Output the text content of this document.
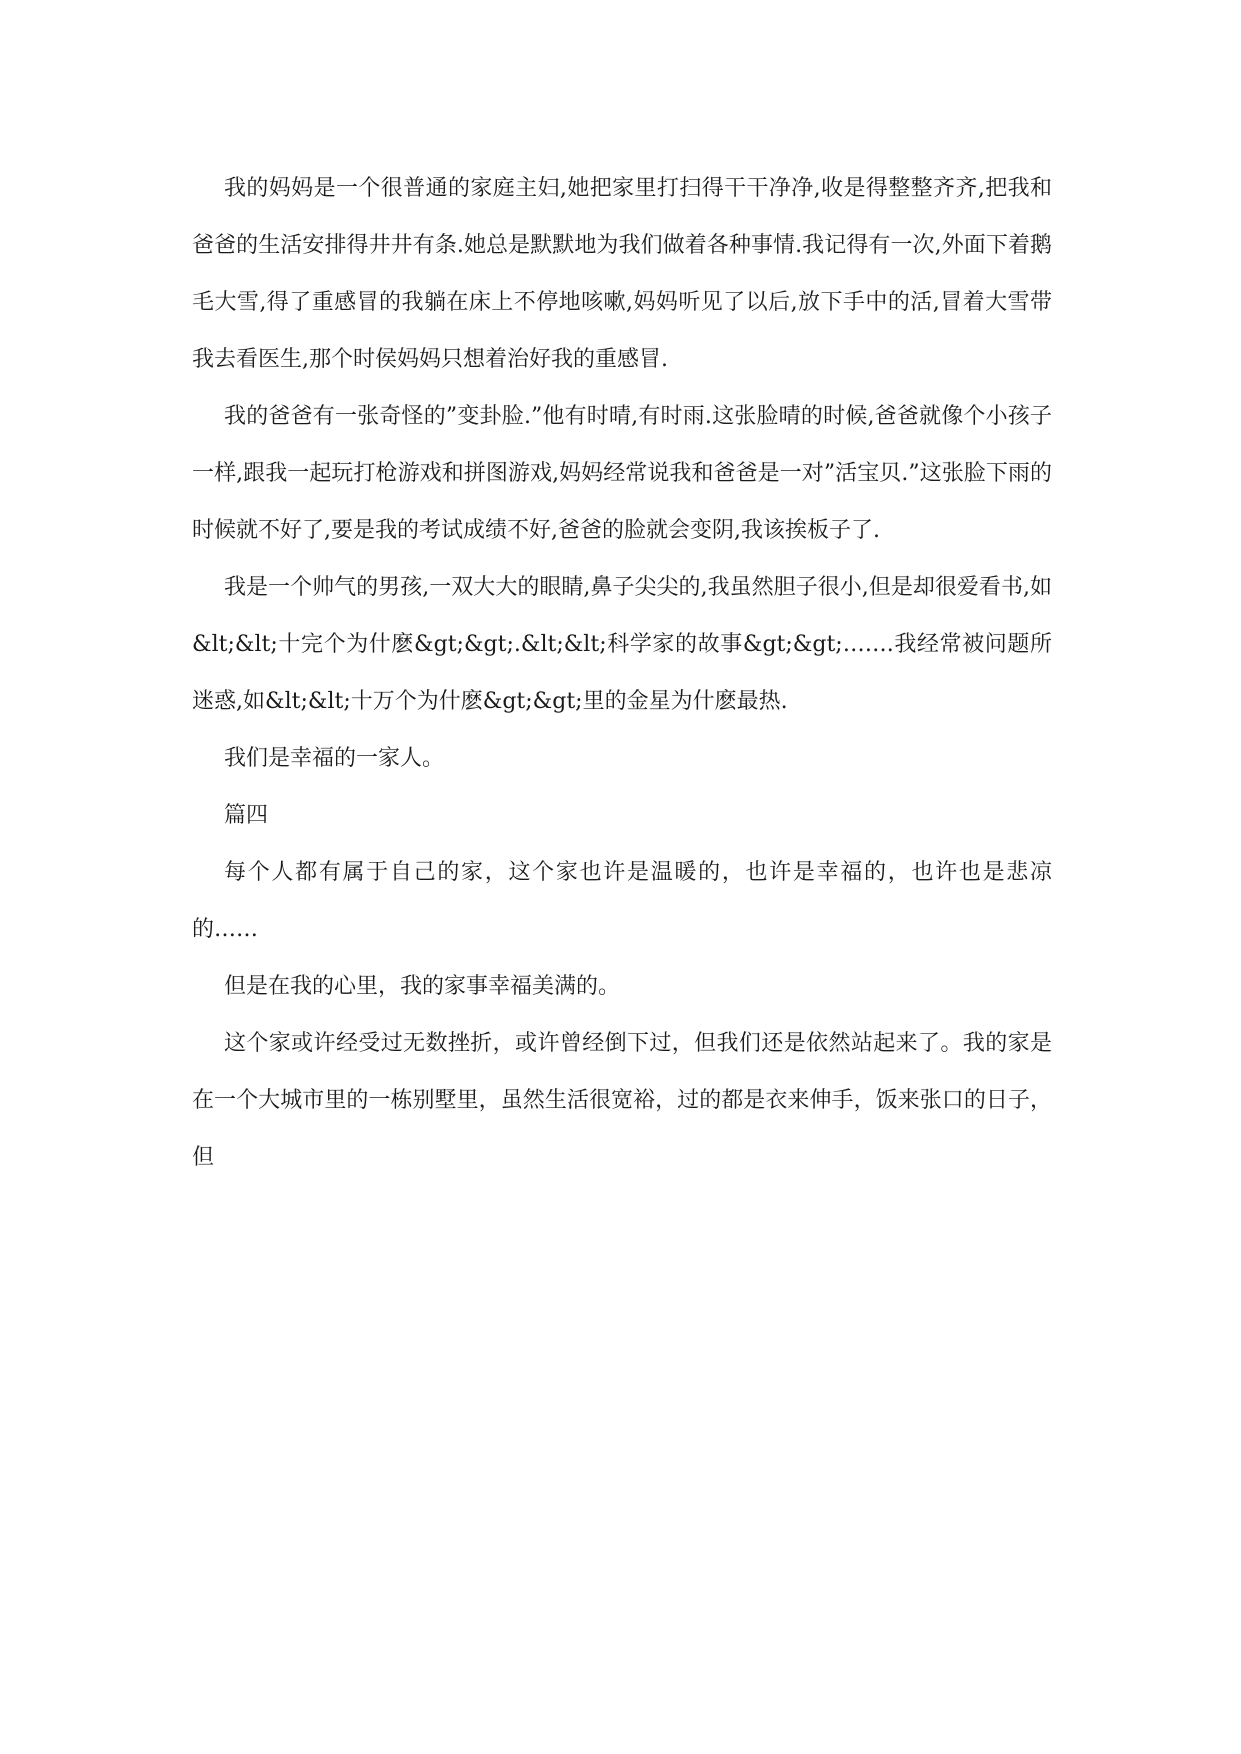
我的妈妈是一个很普通的家庭主妇,她把家里打扫得干干净净,收是得整整齐齐,把我和爸爸的生活安排得井井有条.她总是默默地为我们做着各种事情.我记得有一次,外面下着鹅毛大雪,得了重感冒的我躺在床上不停地咳嗽,妈妈听见了以后,放下手中的活,冒着大雪带我去看医生,那个时侯妈妈只想着治好我的重感冒.

我的爸爸有一张奇怪的”变卦脸.”他有时晴,有时雨.这张脸晴的时候,爸爸就像个小孩子一样,跟我一起玩打枪游戏和拼图游戏,妈妈经常说我和爸爸是一对”活宝贝.”这张脸下雨的时候就不好了,要是我的考试成绩不好,爸爸的脸就会变阴,我该挨板子了.

我是一个帅气的男孩,一双大大的眼睛,鼻子尖尖的,我虽然胆子很小,但是却很爱看书,如&lt;&lt;十完个为什麽&gt;&gt;.&lt;&lt;科学家的故事&gt;&gt;…….我经常被问题所迷惑,如&lt;&lt;十万个为什麽&gt;&gt;里的金星为什麽最热.

我们是幸福的一家人。

篇四

每个人都有属于自己的家，这个家也许是温暖的，也许是幸福的，也许也是悲凉的……

但是在我的心里，我的家事幸福美满的。

这个家或许经受过无数挫折，或许曾经倒下过，但我们还是依然站起来了。我的家是在一个大城市里的一栋别墅里，虽然生活很宽裕，过的都是衣来伸手，饭来张口的日子，但
